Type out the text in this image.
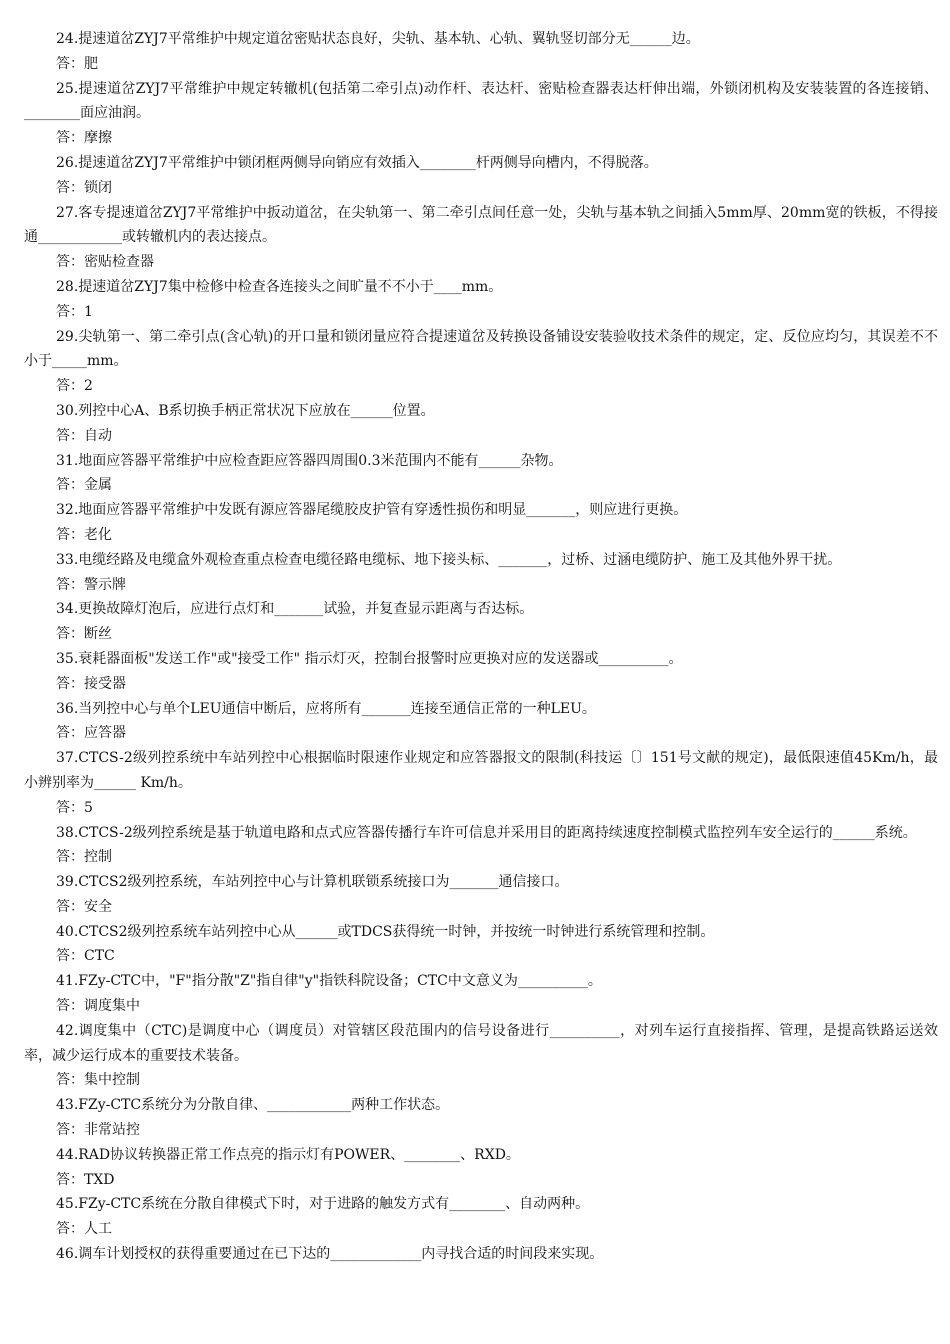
24.提速道岔ZYJ7平常维护中规定道岔密贴状态良好，尖轨、基本轨、心轨、翼轨竖切部分无______边。

答：肥

25.提速道岔ZYJ7平常维护中规定转辙机(包括第二牵引点)动作杆、表达杆、密贴检查器表达杆伸出端，外锁闭机构及安装装置的各连接销、________面应油润。

答：摩擦

26.提速道岔ZYJ7平常维护中锁闭框两侧导向销应有效插入________杆两侧导向槽内，不得脱落。

答：锁闭

27.客专提速道岔ZYJ7平常维护中扳动道岔，在尖轨第一、第二牵引点间任意一处，尖轨与基本轨之间插入5mm厚、20mm宽的铁板，不得接通____________或转辙机内的表达接点。

答：密贴检查器

28.提速道岔ZYJ7集中检修中检查各连接头之间旷量不不小于____mm。

答：1

29.尖轨第一、第二牵引点(含心轨)的开口量和锁闭量应符合提速道岔及转换设备铺设安装验收技术条件的规定，定、反位应均匀，其误差不不小于_____mm。

答：2

30.列控中心A、B系切换手柄正常状况下应放在______位置。

答：自动

31.地面应答器平常维护中应检查距应答器四周围0.3米范围内不能有______杂物。

答：金属

32.地面应答器平常维护中发既有源应答器尾缆胶皮护管有穿透性损伤和明显_______，则应进行更换。

答：老化

33.电缆经路及电缆盒外观检查重点检查电缆径路电缆标、地下接头标、_______，过桥、过涵电缆防护、施工及其他外界干扰。

答：警示牌

34.更换故障灯泡后，应进行点灯和_______试验，并复查显示距离与否达标。

答：断丝

35.衰耗器面板"发送工作"或"接受工作" 指示灯灭，控制台报警时应更换对应的发送器或__________。

答：接受器

36.当列控中心与单个LEU通信中断后，应将所有_______连接至通信正常的一种LEU。

答：应答器

37.CTCS-2级列控系统中车站列控中心根据临时限速作业规定和应答器报文的限制(科技运〔〕151号文献的规定)，最低限速值45Km/h，最小辨别率为______ Km/h。

答：5

38.CTCS-2级列控系统是基于轨道电路和点式应答器传播行车许可信息并采用目的距离持续速度控制模式监控列车安全运行的______系统。

答：控制

39.CTCS2级列控系统，车站列控中心与计算机联锁系统接口为_______通信接口。

答：安全

40.CTCS2级列控系统车站列控中心从______或TDCS获得统一时钟，并按统一时钟进行系统管理和控制。

答：CTC

41.FZy-CTC中，"F"指分散"Z"指自律"y"指铁科院设备；CTC中文意义为__________。

答：调度集中

42.调度集中（CTC)是调度中心（调度员）对管辖区段范围内的信号设备进行__________，对列车运行直接指挥、管理，是提高铁路运送效率，减少运行成本的重要技术装备。

答：集中控制

43.FZy-CTC系统分为分散自律、____________两种工作状态。

答：非常站控

44.RAD协议转换器正常工作点亮的指示灯有POWER、________、RXD。

答：TXD

45.FZy-CTC系统在分散自律模式下时，对于进路的触发方式有________、自动两种。

答：人工

46.调车计划授权的获得重要通过在已下达的_____________内寻找合适的时间段来实现。
